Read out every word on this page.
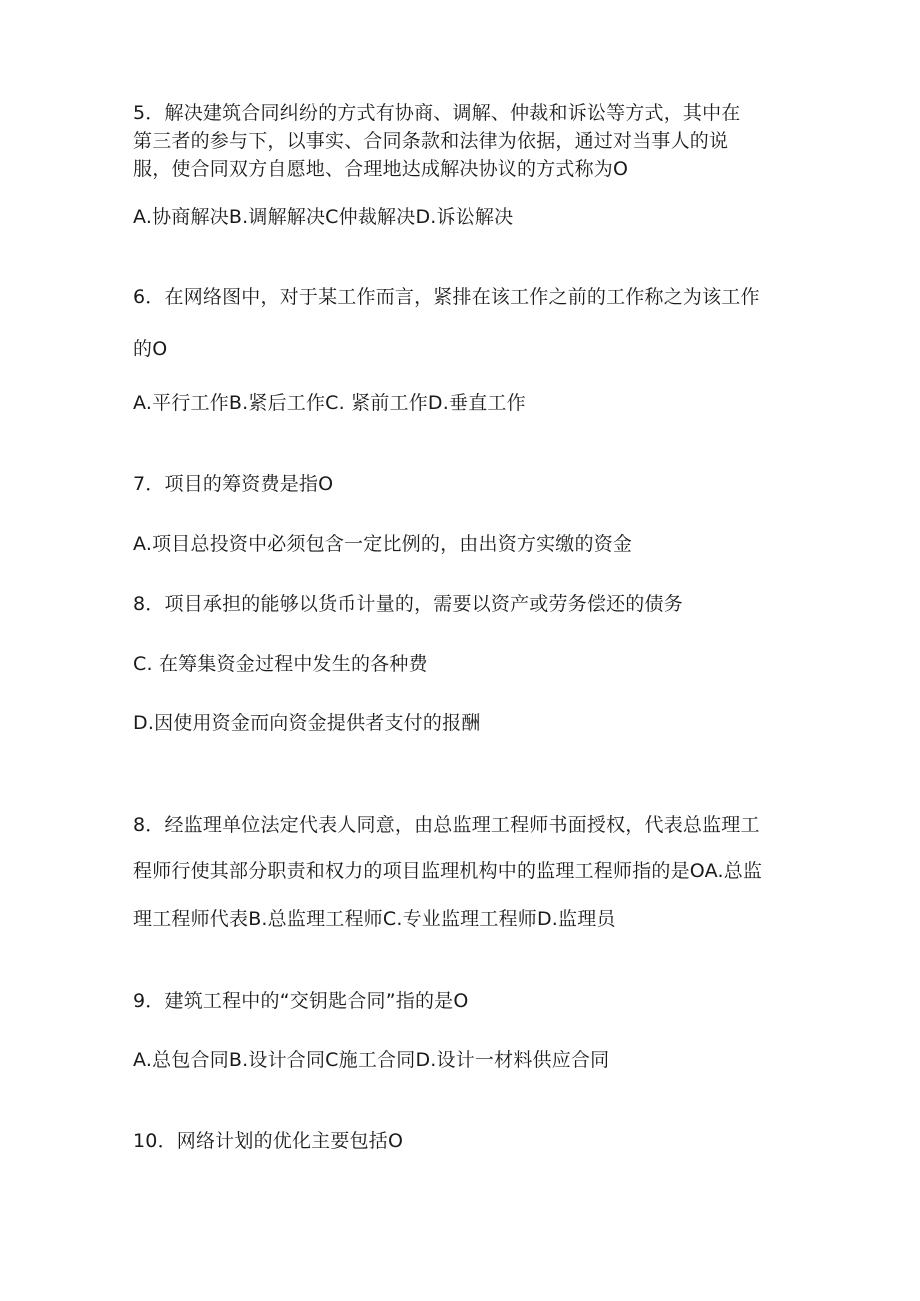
5．解决建筑合同纠纷的方式有协商、调解、仲裁和诉讼等方式，其中在
第三者的参与下，以事实、合同条款和法律为依据，通过对当事人的说
服，使合同双方自愿地、合理地达成解决协议的方式称为O
A.协商解决B.调解解决C仲裁解决D.诉讼解决
6．在网络图中，对于某工作而言，紧排在该工作之前的工作称之为该工作
的O
A.平行工作B.紧后工作C. 紧前工作D.垂直工作
7．项目的筹资费是指O
A.项目总投资中必须包含一定比例的，由出资方实缴的资金
8．项目承担的能够以货币计量的，需要以资产或劳务偿还的债务
C. 在筹集资金过程中发生的各种费
D.因使用资金而向资金提供者支付的报酬
8．经监理单位法定代表人同意，由总监理工程师书面授权，代表总监理工
程师行使其部分职责和权力的项目监理机构中的监理工程师指的是OA.总监
理工程师代表B.总监理工程师C.专业监理工程师D.监理员
9．建筑工程中的“交钥匙合同”指的是O
A.总包合同B.设计合同C施工合同D.设计一材料供应合同
10．网络计划的优化主要包括O
